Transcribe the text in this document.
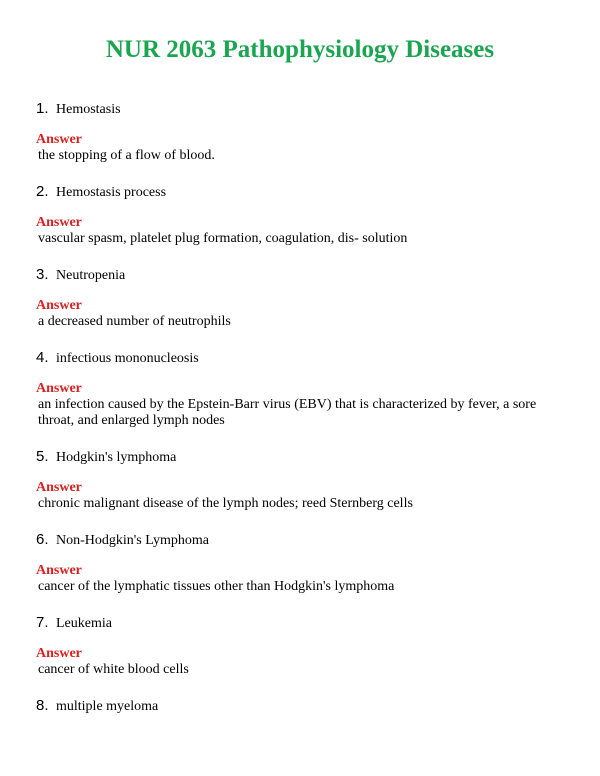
NUR 2063 Pathophysiology Diseases
1. Hemostasis

Answer

the stopping of a flow of blood.

2. Hemostasis process

Answer

vascular spasm, platelet plug formation, coagulation, dis- solution

3. Neutropenia

Answer

a decreased number of neutrophils

4. infectious mononucleosis

Answer

an infection caused by the Epstein-Barr virus (EBV) that is characterized by fever, a sore throat, and enlarged lymph nodes

5. Hodgkin's lymphoma

Answer

chronic malignant disease of the lymph nodes; reed Sternberg cells

6. Non-Hodgkin's Lymphoma

Answer

cancer of the lymphatic tissues other than Hodgkin's lymphoma

7. Leukemia

Answer

cancer of white blood cells

8. multiple myeloma
